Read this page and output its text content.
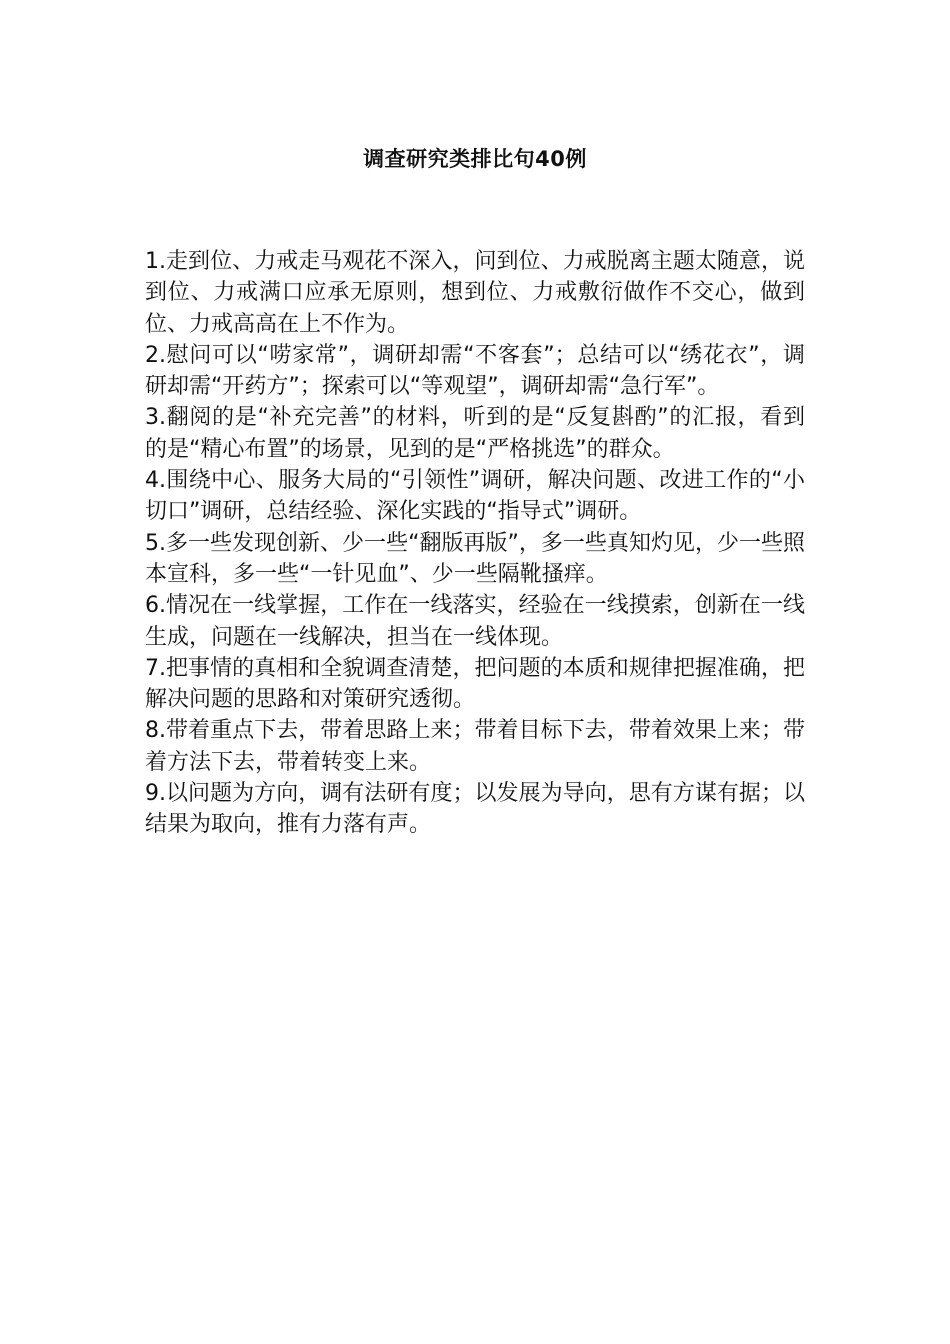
调查研究类排比句40例

1.走到位、力戒走马观花不深入，问到位、力戒脱离主题太随意，说到位、力戒满口应承无原则，想到位、力戒敷衍做作不交心，做到位、力戒高高在上不作为。

2.慰问可以“唠家常”，调研却需“不客套”；总结可以“绣花衣”，调研却需“开药方”；探索可以“等观望”，调研却需“急行军”。

3.翻阅的是“补充完善”的材料，听到的是“反复斟酌”的汇报，看到的是“精心布置”的场景，见到的是“严格挑选”的群众。

4.围绕中心、服务大局的“引领性”调研，解决问题、改进工作的“小切口”调研，总结经验、深化实践的“指导式”调研。

5.多一些发现创新、少一些“翻版再版”，多一些真知灼见，少一些照本宣科，多一些“一针见血”、少一些隔靴搔痒。

6.情况在一线掌握，工作在一线落实，经验在一线摸索，创新在一线生成，问题在一线解决，担当在一线体现。

7.把事情的真相和全貌调查清楚，把问题的本质和规律把握准确，把解决问题的思路和对策研究透彻。

8.带着重点下去，带着思路上来；带着目标下去，带着效果上来；带着方法下去，带着转变上来。

9.以问题为方向，调有法研有度；以发展为导向，思有方谋有据；以结果为取向，推有力落有声。
